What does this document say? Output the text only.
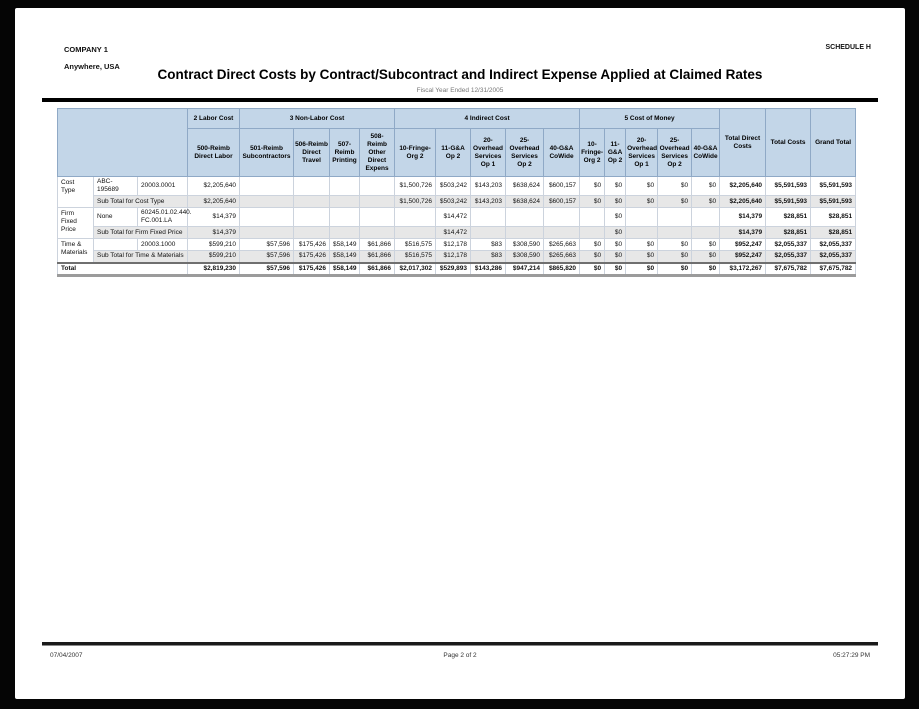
COMPANY 1
Anywhere, USA
SCHEDULE H
Contract Direct Costs by Contract/Subcontract and Indirect Expense Applied at Claimed Rates
Fiscal Year Ended 12/31/2005
			2 Labor Cost	3 Non-Labor Cost				4 Indirect Cost					5 Cost of Money					Total Direct Costs	Total Costs	Grand Total
			500-Reimb Direct Labor	501-Reimb Subcontractors	506-Reimb Direct Travel	507-Reimb Printing	508-Reimb Other Direct Expens	10-Fringe-Org 2	11-G&A Op 2	20-Overhead Services Op 1	25-Overhead Services Op 2	40-G&A CoWide	10-Fringe-Org 2	11-G&A Op 2	20-Overhead Services Op 1	25-Overhead Services Op 2	40-G&A CoWide			
Cost Type	ABC-195689	20003.0001	$2,205,640					$1,500,726	$503,242	$143,203	$638,624	$600,157	$0	$0	$0	$0	$0	$2,205,640	$5,591,593	$5,591,593
	Sub Total for Cost Type		$2,205,640					$1,500,726	$503,242	$143,203	$638,624	$600,157	$0	$0	$0	$0	$0	$2,205,640	$5,591,593	$5,591,593
Firm Fixed Price	None	60245.01.02.440. FC.001.LA	$14,379						$14,472					$0				$14,379	$28,851	$28,851
	Sub Total for Firm Fixed Price		$14,379						$14,472					$0				$14,379	$28,851	$28,851
Time & Materials		20003.1000	$599,210	$57,596	$175,426	$58,149	$61,866	$516,575	$12,178	$83	$308,590	$265,663	$0	$0	$0	$0	$0	$952,247	$2,055,337	$2,055,337
	Sub Total for Time & Materials		$599,210	$57,596	$175,426	$58,149	$61,866	$516,575	$12,178	$83	$308,590	$265,663	$0	$0	$0	$0	$0	$952,247	$2,055,337	$2,055,337
Total			$2,819,230	$57,596	$175,426	$58,149	$61,866	$2,017,302	$529,893	$143,286	$947,214	$865,820	$0	$0	$0	$0	$0	$3,172,267	$7,675,782	$7,675,782
07/04/2007	Page 2 of 2	05:27:29 PM
